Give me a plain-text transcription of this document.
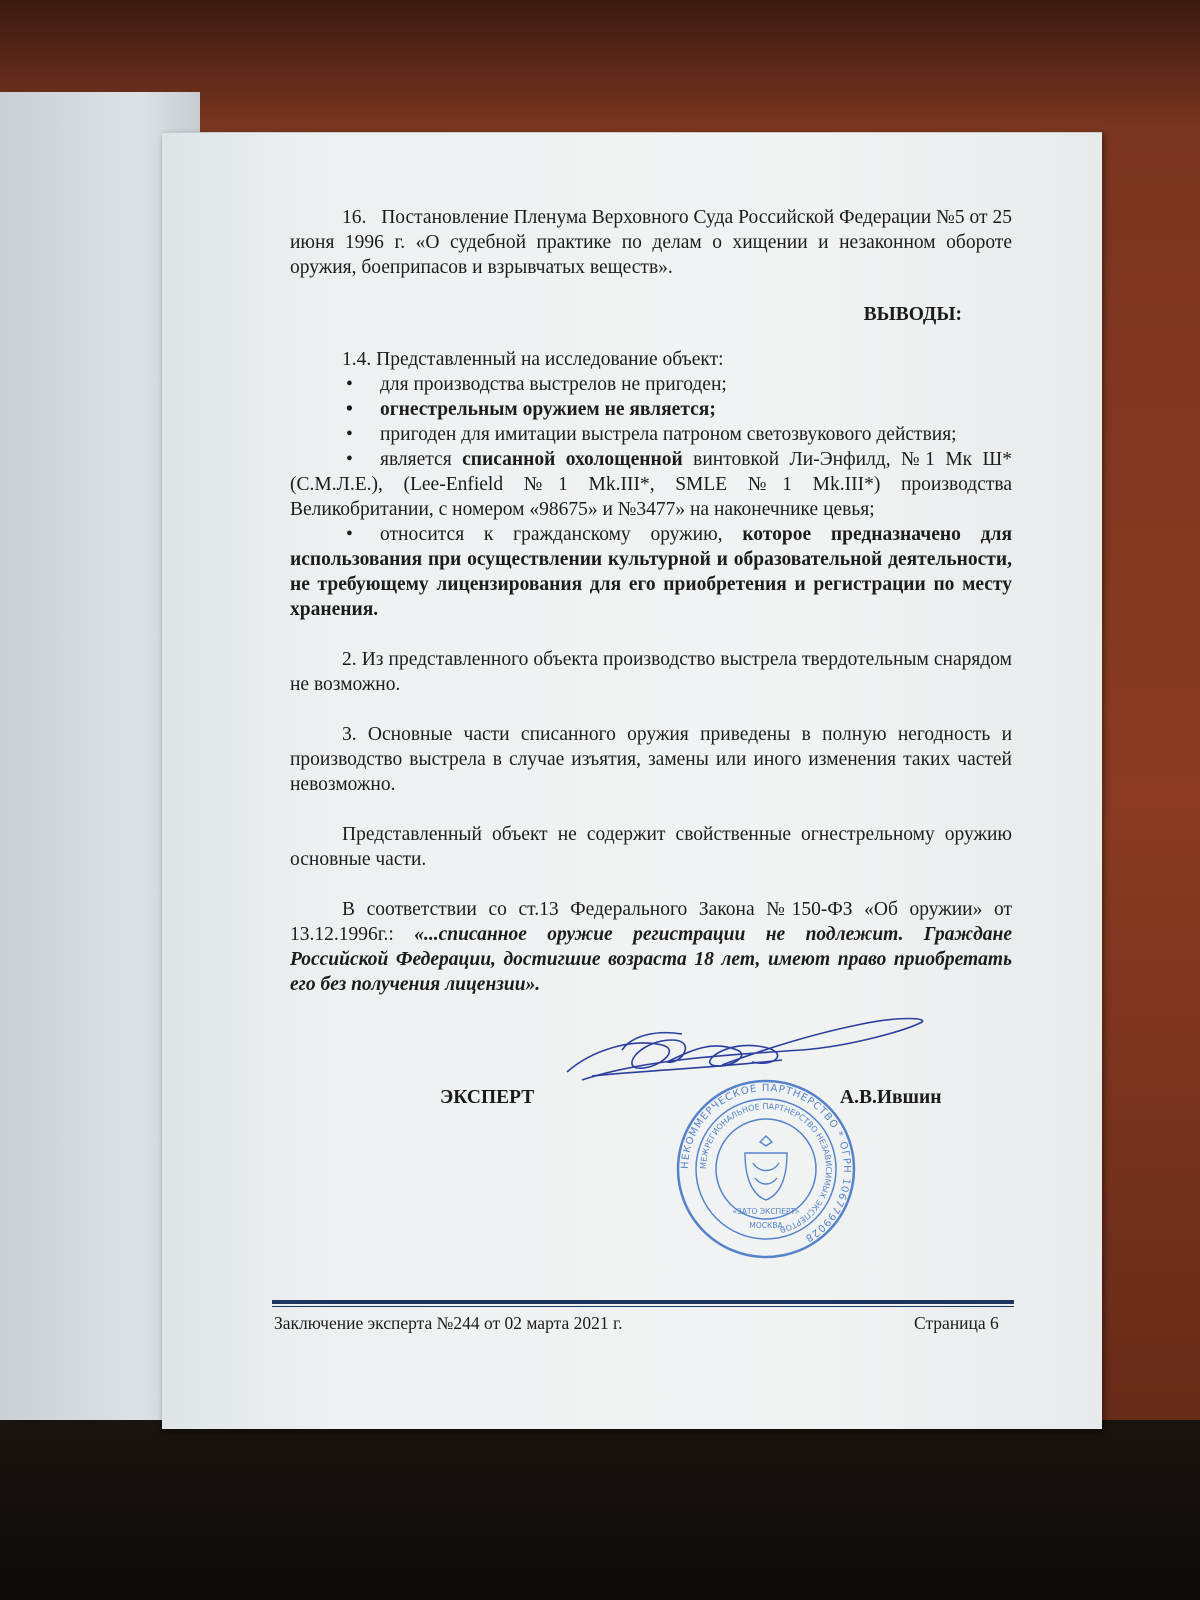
16.   Постановление Пленума Верховного Суда Российской Федерации №5 от 25 июня 1996 г. «О судебной практике по делам о хищении и незаконном обороте оружия, боеприпасов и взрывчатых веществ».

ВЫВОДЫ:

1.4. Представленный на исследование объект:

• для производства выстрелов не пригоден;

• огнестрельным оружием не является;

• пригоден для имитации выстрела патроном светозвукового действия;

• является списанной охолощенной винтовкой Ли-Энфилд, №1 Мк Ш* (С.М.Л.Е.), (Lee-Enfield №1 Mk.III*, SMLE №1 Mk.III*) производства Великобритании, с номером «98675» и №3477» на наконечнике цевья;

• относится к гражданскому оружию, которое предназначено для использования при осуществлении культурной и образовательной деятельности, не требующему лицензирования для его приобретения и регистрации по месту хранения.

2. Из представленного объекта производство выстрела твердотельным снарядом не возможно.

3. Основные части списанного оружия приведены в полную негодность и производство выстрела в случае изъятия, замены или иного изменения таких частей невозможно.

Представленный объект не содержит свойственные огнестрельному оружию основные части.

В соответствии со ст.13 Федерального Закона №150-ФЗ «Об оружии» от 13.12.1996г.: «...списанное оружие регистрации не подлежит. Граждане Российской Федерации, достигшие возраста 18 лет, имеют право приобретать его без получения лицензии».

ЭКСПЕРТ	А.В.Ившин
НЕКОММЕРЧЕСКОЕ ПАРТНЕРСТВО * ОГРН 1067799028
МЕЖРЕГИОНАЛЬНОЕ ПАРТНЕРСТВО НЕЗАВИСИМЫХ ЭКСПЕРТОВ
«ЗАТО ЭКСПЕРТ»
МОСКВА
Заключение эксперта №244 от 02 марта 2021 г.	Страница 6
